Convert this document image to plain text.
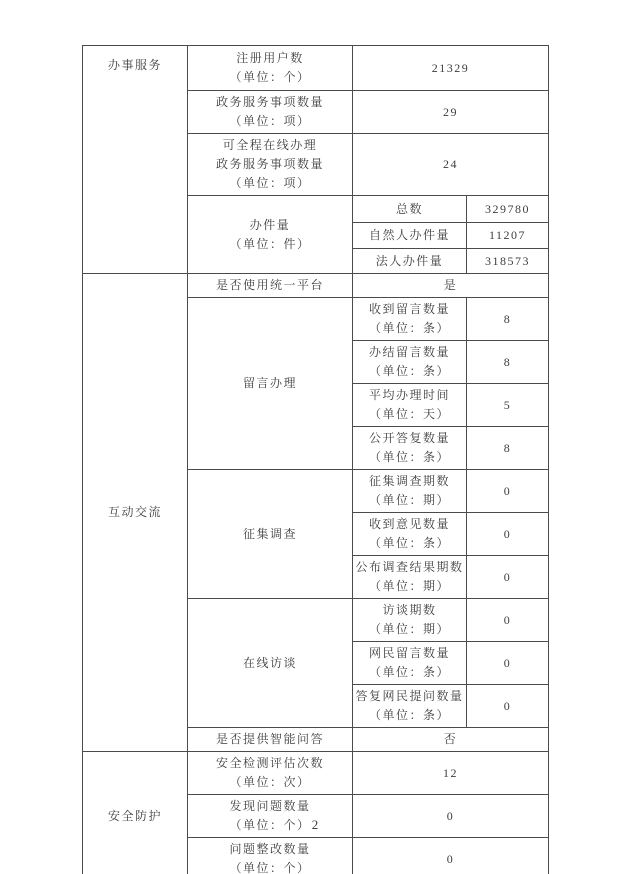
办事服务	注册用户数
（单位：个）	21329	

	政务服务事项数量
（单位：项）	29	

	可全程在线办理
政务服务事项数量
（单位：项）	24	

	办件量
（单位：件）	总数	329780

		自然人办件量	11207

		法人办件量	318573

互动交流	是否使用统一平台	是	

	留言办理	收到留言数量
（单位：条）	8

		办结留言数量
（单位：条）	8

		平均办理时间
（单位：天）	5

		公开答复数量
（单位：条）	8

	征集调查	征集调查期数
（单位：期）	0

		收到意见数量
（单位：条）	0

		公布调查结果期数
（单位：期）	0

	在线访谈	访谈期数
（单位：期）	0

		网民留言数量
（单位：条）	0

		答复网民提问数量
（单位：条）	0

	是否提供智能问答	否	

安全防护	安全检测评估次数
（单位：次）	12	

	发现问题数量
（单位：个）	0	

	问题整改数量
（单位：个）	0	
2
